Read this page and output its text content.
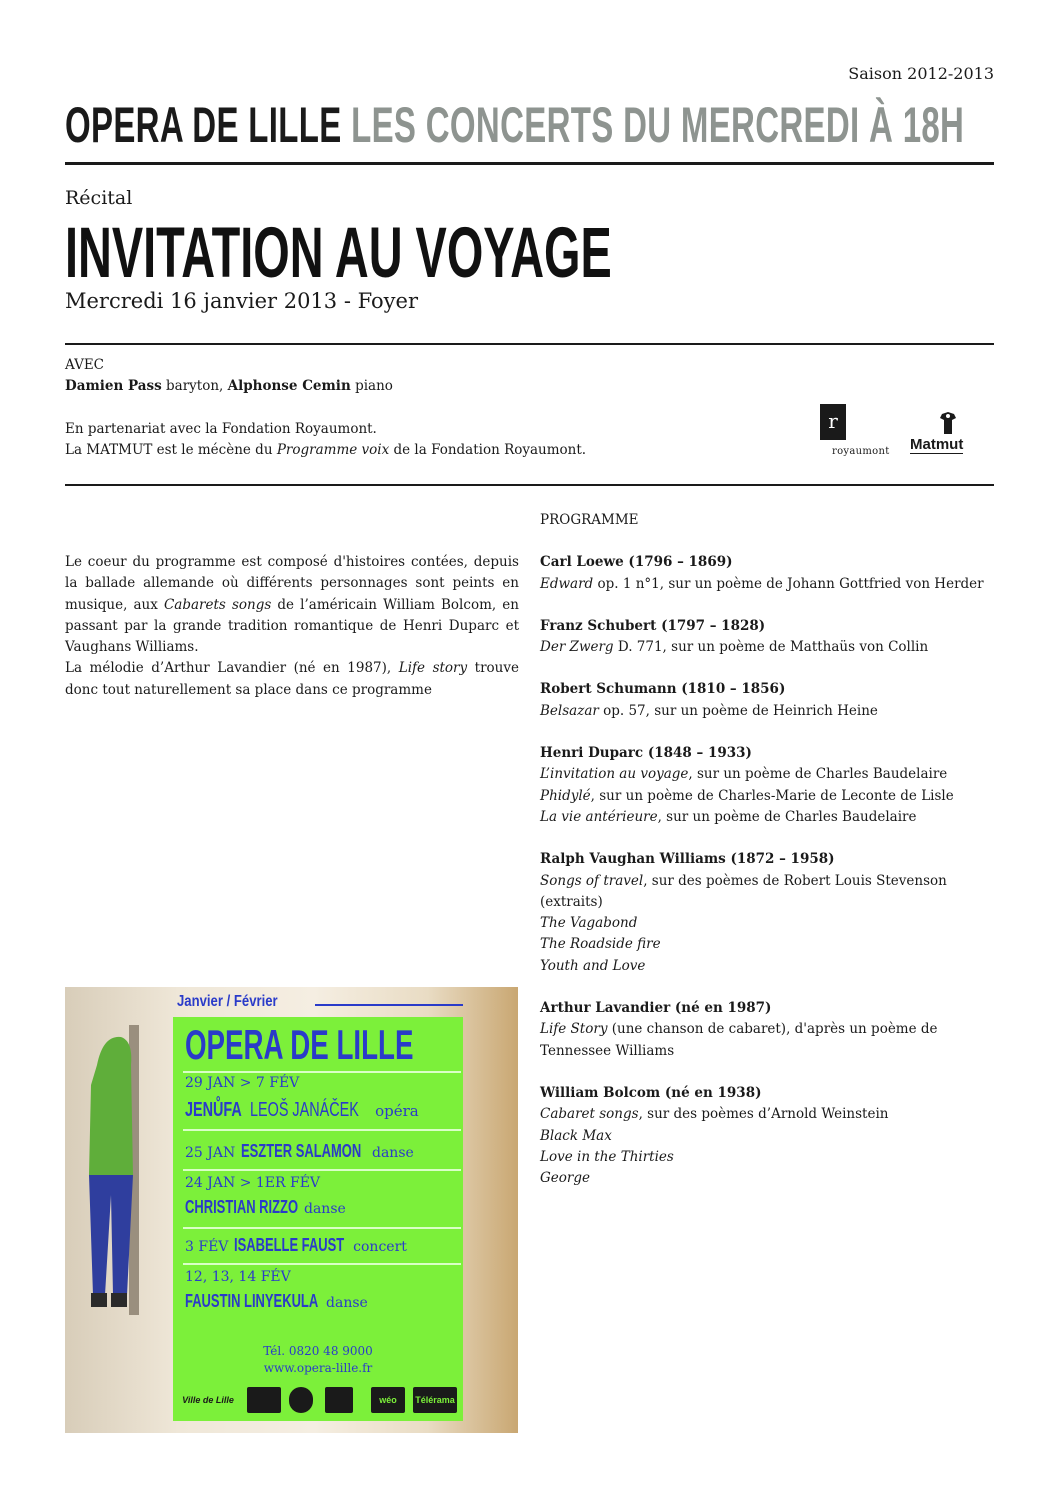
Saison 2012-2013
OPERA DE LILLE LES CONCERTS DU MERCREDI À 18H
Récital
INVITATION AU VOYAGE
Mercredi 16 janvier 2013 - Foyer
AVEC
Damien Pass baryton, Alphonse Cemin piano
En partenariat avec la Fondation Royaumont.
La MATMUT est le mécène du Programme voix de la Fondation Royaumont.
r
royaumont Matmut
Le coeur du programme est composé d'histoires contées, depuis la ballade allemande où différents personnages sont peints en musique, aux Cabarets songs de l’américain William Bolcom, en passant par la grande tradition romantique de Henri Duparc et Vaughans Williams.
La mélodie d’Arthur Lavandier (né en 1987), Life story trouve donc tout naturellement sa place dans ce programme
PROGRAMME
Carl Loewe (1796 – 1869)
Edward op. 1 n°1, sur un poème de Johann Gottfried von Herder
Franz Schubert (1797 – 1828)
Der Zwerg D. 771, sur un poème de Matthaüs von Collin
Robert Schumann (1810 – 1856)
Belsazar op. 57, sur un poème de Heinrich Heine
Henri Duparc (1848 – 1933)
L’invitation au voyage, sur un poème de Charles Baudelaire
Phidylé, sur un poème de Charles-Marie de Leconte de Lisle
La vie antérieure, sur un poème de Charles Baudelaire
Ralph Vaughan Williams (1872 – 1958)
Songs of travel, sur des poèmes de Robert Louis Stevenson (extraits)
The Vagabond
The Roadside fire
Youth and Love
Arthur Lavandier (né en 1987)
Life Story (une chanson de cabaret), d'après un poème de
Tennessee Williams
William Bolcom (né en 1938)
Cabaret songs, sur des poèmes d’Arnold Weinstein
Black Max
Love in the Thirties
George
Janvier / Février
OPERA DE LILLE
29 JAN > 7 FÉV
JENŮFA LEOŠ JANÁČEK opéra
25 JAN ESZTER SALAMON danse
24 JAN > 1ER FÉV
CHRISTIAN RIZZO danse
3 FÉV ISABELLE FAUST concert
12, 13, 14 FÉV
FAUSTIN LINYEKULA danse
Tél. 0820 48 9000
www.opera-lille.fr
Ville de Lille	wéo	Télérama
